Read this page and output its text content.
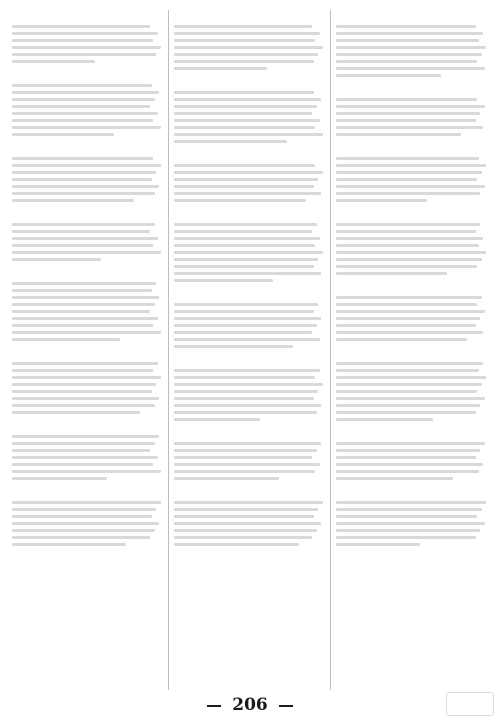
206
